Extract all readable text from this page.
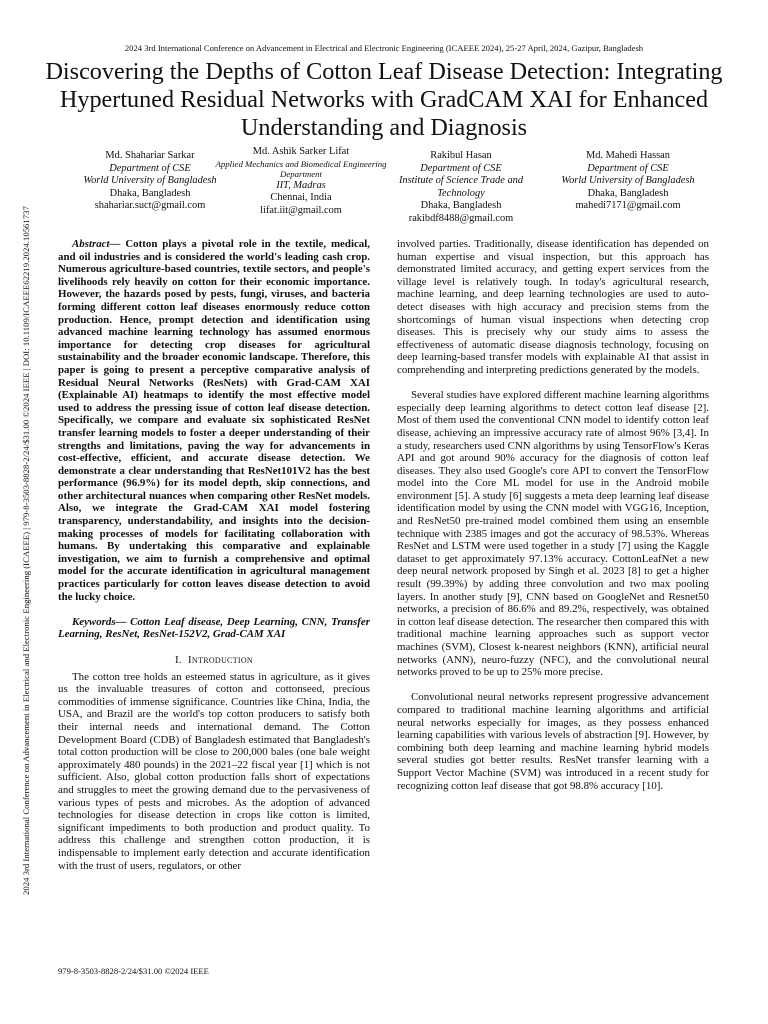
2024 3rd International Conference on Advancement in Electrical and Electronic Engineering (ICAEEE 2024), 25-27 April, 2024, Gazipur, Bangladesh
Discovering the Depths of Cotton Leaf Disease Detection: Integrating Hypertuned Residual Networks with GradCAM XAI for Enhanced Understanding and Diagnosis
Md. Shahariar Sarkar
Department of CSE
World University of Bangladesh
Dhaka, Bangladesh
shahariar.suct@gmail.com
Md. Ashik Sarker Lifat
Applied Mechanics and Biomedical Engineering Department
IIT, Madras
Chennai, India
lifat.iit@gmail.com
Rakibul Hasan
Department of CSE
Institute of Science Trade and Technology
Dhaka, Bangladesh
rakibdf8488@gmail.com
Md. Mahedi Hassan
Department of CSE
World University of Bangladesh
Dhaka, Bangladesh
mahedi7171@gmail.com
2024 3rd International Conference on Advancement in Electrical and Electronic Engineering (ICAEEE) | 979-8-3503-8828-2/24/$31.00 ©2024 IEEE | DOI: 10.1109/ICAEEE62219.2024.10561737	Abstract— Cotton plays a pivotal role in the textile, medical, and oil industries and is considered the world's leading cash crop. Numerous agriculture-based countries, textile sectors, and people's livelihoods rely heavily on cotton for their economic importance. However, the hazards posed by pests, fungi, viruses, and bacteria forming different cotton leaf diseases enormously reduce cotton production. Hence, prompt detection and identification using advanced machine learning technology has assumed enormous importance for detecting crop diseases for agricultural sustainability and the broader economic landscape. Therefore, this paper is going to present a perceptive comparative analysis of Residual Neural Networks (ResNets) with Grad-CAM XAI (Explainable AI) heatmaps to identify the most effective model used to address the pressing issue of cotton leaf disease detection. Specifically, we compare and evaluate six sophisticated ResNet transfer learning models to foster a deeper understanding of their strengths and limitations, paving the way for advancements in cost-effective, efficient, and accurate disease detection. We demonstrate a clear understanding that ResNet101V2 has the best performance (96.9%) for its model depth, skip connections, and other architectural nuances when comparing other ResNet models. Also, we integrate the Grad-CAM XAI model fostering transparency, understandability, and insights into the decision-making processes of models for facilitating collaboration with humans. By undertaking this comparative and explainable investigation, we aim to furnish a comprehensive and optimal model for the accurate identification in agricultural management practices particularly for cotton leaves disease detection to avoid the lucky choice.

Keywords— Cotton Leaf disease, Deep Learning, CNN, Transfer Learning, ResNet, ResNet-152V2, Grad-CAM XAI

I. Introduction

The cotton tree holds an esteemed status in agriculture, as it gives us the invaluable treasures of cotton and cottonseed, precious commodities of immense significance. Countries like China, India, the USA, and Brazil are the world's top cotton producers to satisfy both their internal needs and international demand. The Cotton Development Board (CDB) of Bangladesh estimated that Bangladesh's total cotton production will be close to 200,000 bales (one bale weight approximately 480 pounds) in the 2021–22 fiscal year [1] which is not sufficient. Also, global cotton production falls short of expectations and struggles to meet the growing demand due to the pervasiveness of various types of pests and microbes. As the adoption of advanced technologies for disease detection in crops like cotton is limited, significant impediments to both production and product quality. To address this challenge and strengthen cotton production, it is indispensable to implement early detection and accurate identification with the trust of users, regulators, or other

involved parties. Traditionally, disease identification has depended on human expertise and visual inspection, but this approach has demonstrated limited accuracy, and getting expert services from the village level is relatively tough. In today's agricultural research, machine learning, and deep learning technologies are used to auto-detect diseases with high accuracy and precision stems from the shortcomings of human visual inspections when detecting crop diseases. This is precisely why our study aims to assess the effectiveness of automatic disease diagnosis technology, focusing on deep learning-based transfer models with explainable AI that assist in comprehending and interpreting predictions generated by the models.

Several studies have explored different machine learning algorithms especially deep learning algorithms to detect cotton leaf disease [2]. Most of them used the conventional CNN model to identify cotton leaf disease, achieving an impressive accuracy rate of almost 96% [3,4]. In a study, researchers used CNN algorithms by using TensorFlow's Keras API and got around 90% accuracy for the diagnosis of cotton leaf diseases. They also used Google's core API to convert the TensorFlow model into the Core ML model for use in the Android mobile environment [5]. A study [6] suggests a meta deep learning leaf disease identification model by using the CNN model with VGG16, Inception, and ResNet50 pre-trained model combined them using an ensemble technique with 2385 images and got the accuracy of 98.53%. Whereas ResNet and LSTM were used together in a study [7] using the Kaggle dataset to get approximately 97.13% accuracy. CottonLeafNet a new deep neural network proposed by Singh et al. 2023 [8] to get a higher result (99.39%) by adding three convolution and two max pooling layers. In another study [9], CNN based on GoogleNet and Resnet50 networks, a precision of 86.6% and 89.2%, respectively, was obtained in cotton leaf disease detection. The researcher then compared this with traditional machine learning approaches such as support vector machines (SVM), Closest k-nearest neighbors (KNN), artificial neural networks (ANN), neuro-fuzzy (NFC), and the convolutional neural networks proved to be up to 25% more precise.

Convolutional neural networks represent progressive advancement compared to traditional machine learning algorithms and artificial neural networks especially for images, as they possess enhanced learning capabilities with various levels of abstraction [9]. However, by combining both deep learning and machine learning hybrid models several studies got better results. ResNet transfer learning with a Support Vector Machine (SVM) was introduced in a recent study for recognizing cotton leaf disease that got 98.8% accuracy [10].

979-8-3503-8828-2/24/$31.00 ©2024 IEEE
